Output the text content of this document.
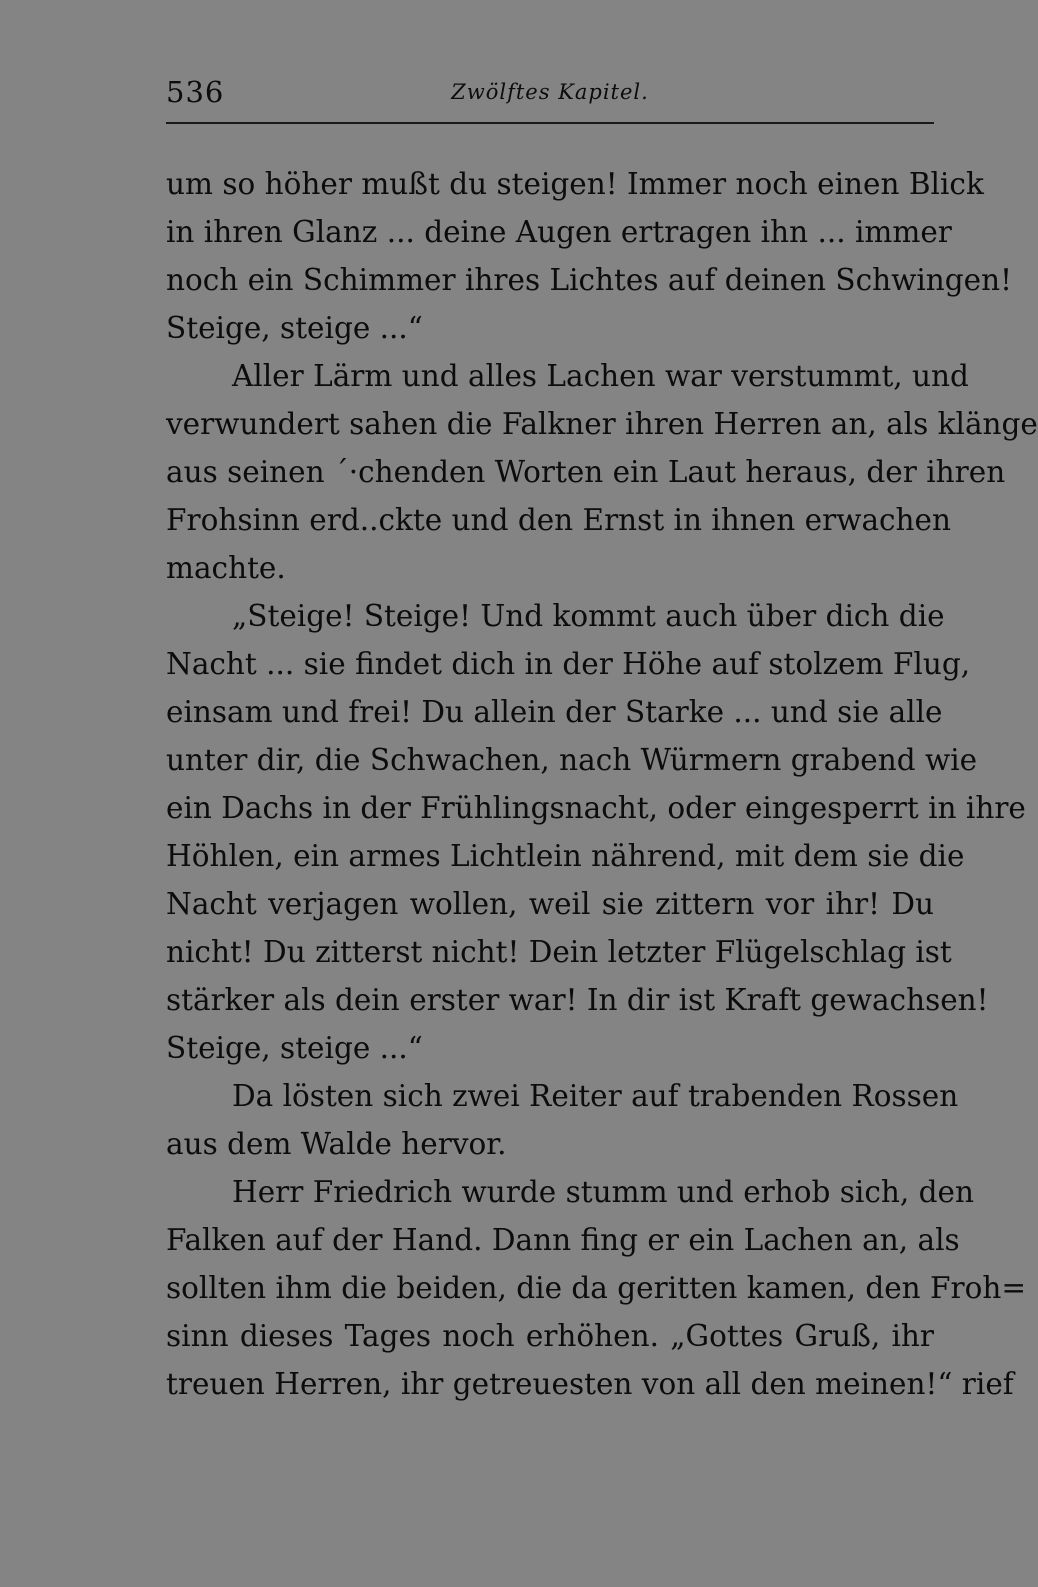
536	Zwölftes Kapitel.
um so höher mußt du steigen! Immer noch einen Blick
in ihren Glanz ... deine Augen ertragen ihn ... immer
noch ein Schimmer ihres Lichtes auf deinen Schwingen!
Steige, steige ...“
Aller Lärm und alles Lachen war verstummt, und
verwundert sahen die Falkner ihren Herren an, als klänge
aus seinen ´·chenden Worten ein Laut heraus, der ihren
Frohsinn erd..ckte und den Ernst in ihnen erwachen
machte.
„Steige! Steige! Und kommt auch über dich die
Nacht ... sie findet dich in der Höhe auf stolzem Flug,
einsam und frei! Du allein der Starke ... und sie alle
unter dir, die Schwachen, nach Würmern grabend wie
ein Dachs in der Frühlingsnacht, oder eingesperrt in ihre
Höhlen, ein armes Lichtlein nährend, mit dem sie die
Nacht verjagen wollen, weil sie zittern vor ihr! Du
nicht! Du zitterst nicht! Dein letzter Flügelschlag ist
stärker als dein erster war! In dir ist Kraft gewachsen!
Steige, steige ...“
Da lösten sich zwei Reiter auf trabenden Rossen
aus dem Walde hervor.
Herr Friedrich wurde stumm und erhob sich, den
Falken auf der Hand. Dann fing er ein Lachen an, als
sollten ihm die beiden, die da geritten kamen, den Froh=
sinn dieses Tages noch erhöhen. „Gottes Gruß, ihr
treuen Herren, ihr getreuesten von all den meinen!“ rief
